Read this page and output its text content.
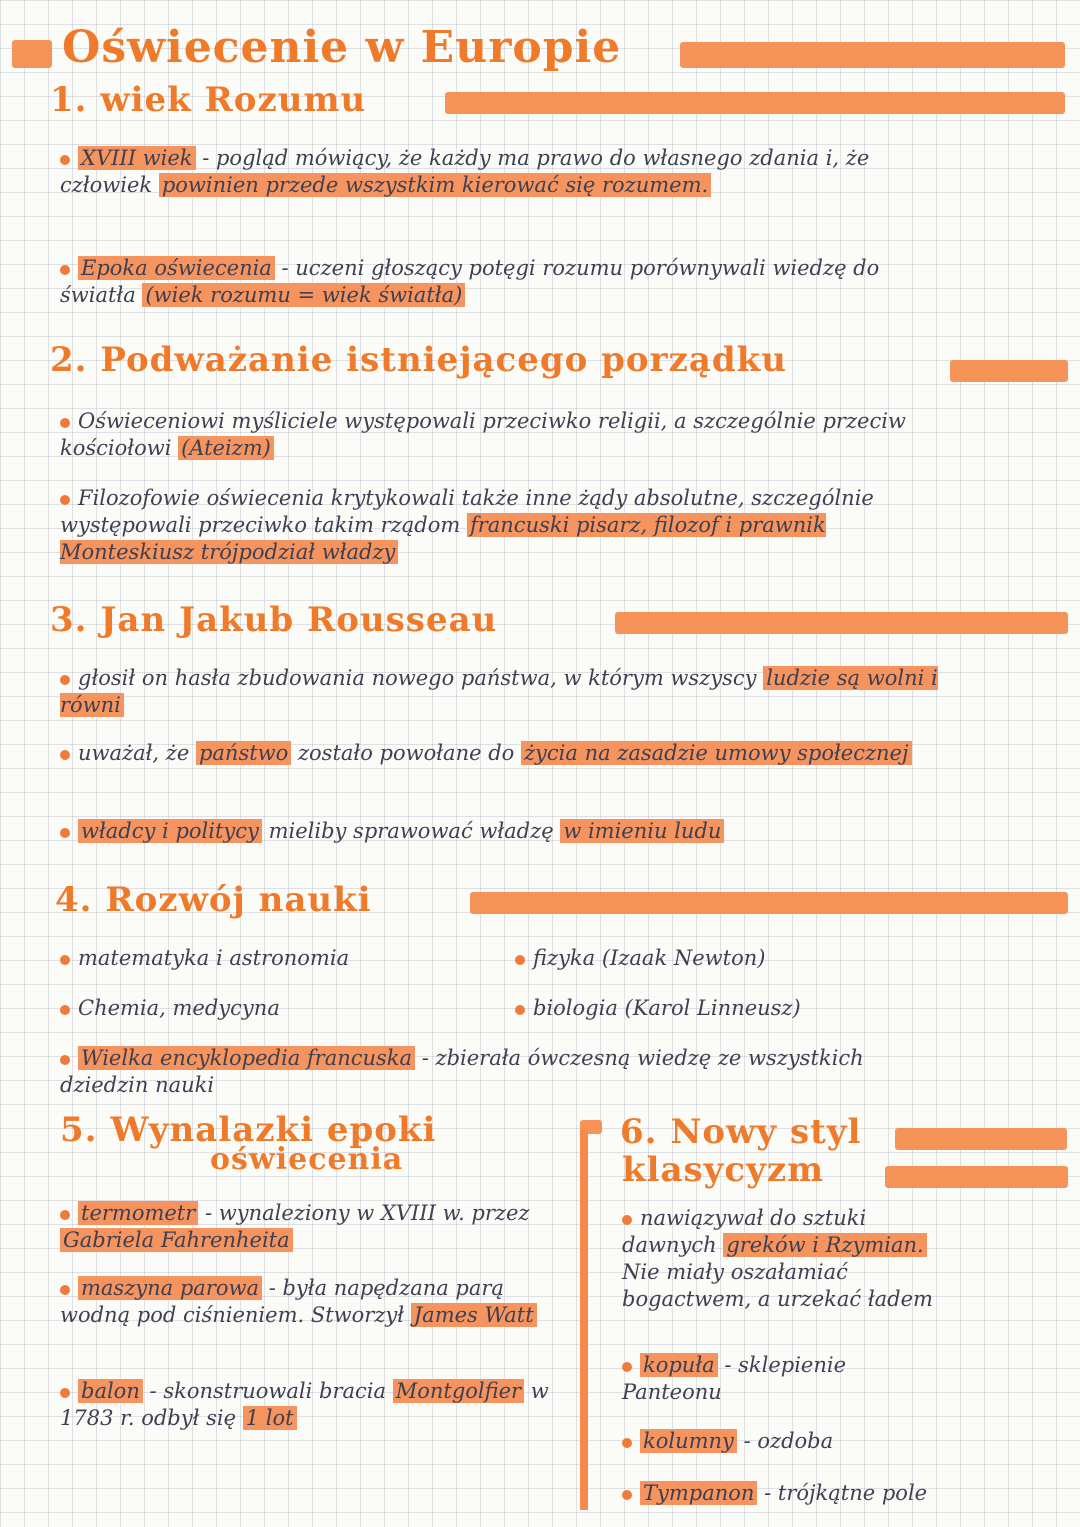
Oświecenie w Europie
1. wiek Rozumu

XVIII wiek - pogląd mówiący, że każdy ma prawo do własnego zdania i, że człowiek powinien przede wszystkim kierować się rozumem.

Epoka oświecenia - uczeni głoszący potęgi rozumu porównywali wiedzę do światła (wiek rozumu = wiek światła)

2. Podważanie istniejącego porządku

Oświeceniowi myśliciele występowali przeciwko religii, a szczególnie przeciw kościołowi (Ateizm)

Filozofowie oświecenia krytykowali także inne żądy absolutne, szczególnie występowali przeciwko takim rządom francuski pisarz, filozof i prawnik Monteskiusz trójpodział władzy

3. Jan Jakub Rousseau

głosił on hasła zbudowania nowego państwa, w którym wszyscy ludzie są wolni i równi

uważał, że państwo zostało powołane do życia na zasadzie umowy społecznej

władcy i politycy mieliby sprawować władzę w imieniu ludu

4. Rozwój nauki

matematyka i astronomia	fizyka (Izaak Newton)

Chemia, medycyna	biologia (Karol Linneusz)

Wielka encyklopedia francuska - zbierała ówczesną wiedzę ze wszystkich dziedzin nauki

5. Wynalazki epoki
oświecenia

termometr - wynaleziony w XVIII w. przez Gabriela Fahrenheita

maszyna parowa - była napędzana parą wodną pod ciśnieniem. Stworzył James Watt

balon - skonstruowali bracia Montgolfier w 1783 r. odbył się 1 lot

6. Nowy styl
klasycyzm

nawiązywał do sztuki dawnych greków i Rzymian. Nie miały oszałamiać bogactwem, a urzekać ładem

kopuła - sklepienie Panteonu

kolumny - ozdoba

Tympanon - trójkątne pole
